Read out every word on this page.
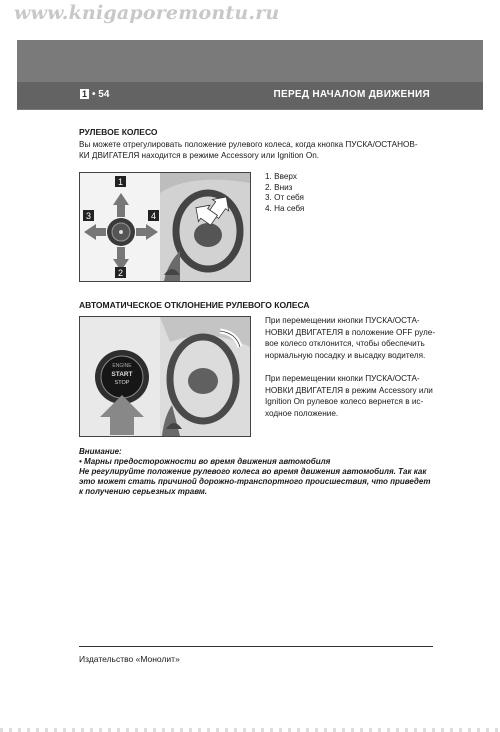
www.knigaporemontu.ru
1 • 54	ПЕРЕД НАЧАЛОМ ДВИЖЕНИЯ
РУЛЕВОЕ КОЛЕСО
Вы можете отрегулировать положение рулевого колеса, когда кнопка ПУСКА/ОСТАНОВ-
КИ ДВИГАТЕЛЯ находится в режиме Accessory или Ignition On.
1
2
3	4
1. Вверх
2. Вниз
3. От себя
4. На себя
АВТОМАТИЧЕСКОЕ ОТКЛОНЕНИЕ РУЛЕВОГО КОЛЕСА
ENGINE
START
STOP
При перемещении кнопки ПУСКА/ОСТА-
НОВКИ ДВИГАТЕЛЯ в положение OFF руле-
вое колесо отклонится, чтобы обеспечить
нормальную посадку и высадку водителя.
При перемещении кнопки ПУСКА/ОСТА-
НОВКИ ДВИГАТЕЛЯ в режим Accessory или
Ignition On рулевое колесо вернется в ис-
ходное положение.
Внимание:
• Марны предосторожности во время движения автомобиля
Не регулируйте положение рулевого колеса во время движения автомобиля. Так как
это может стать причиной дорожно-транспортного происшествия, что приведет
к получению серьезных травм.
Издательство «Монолит»
